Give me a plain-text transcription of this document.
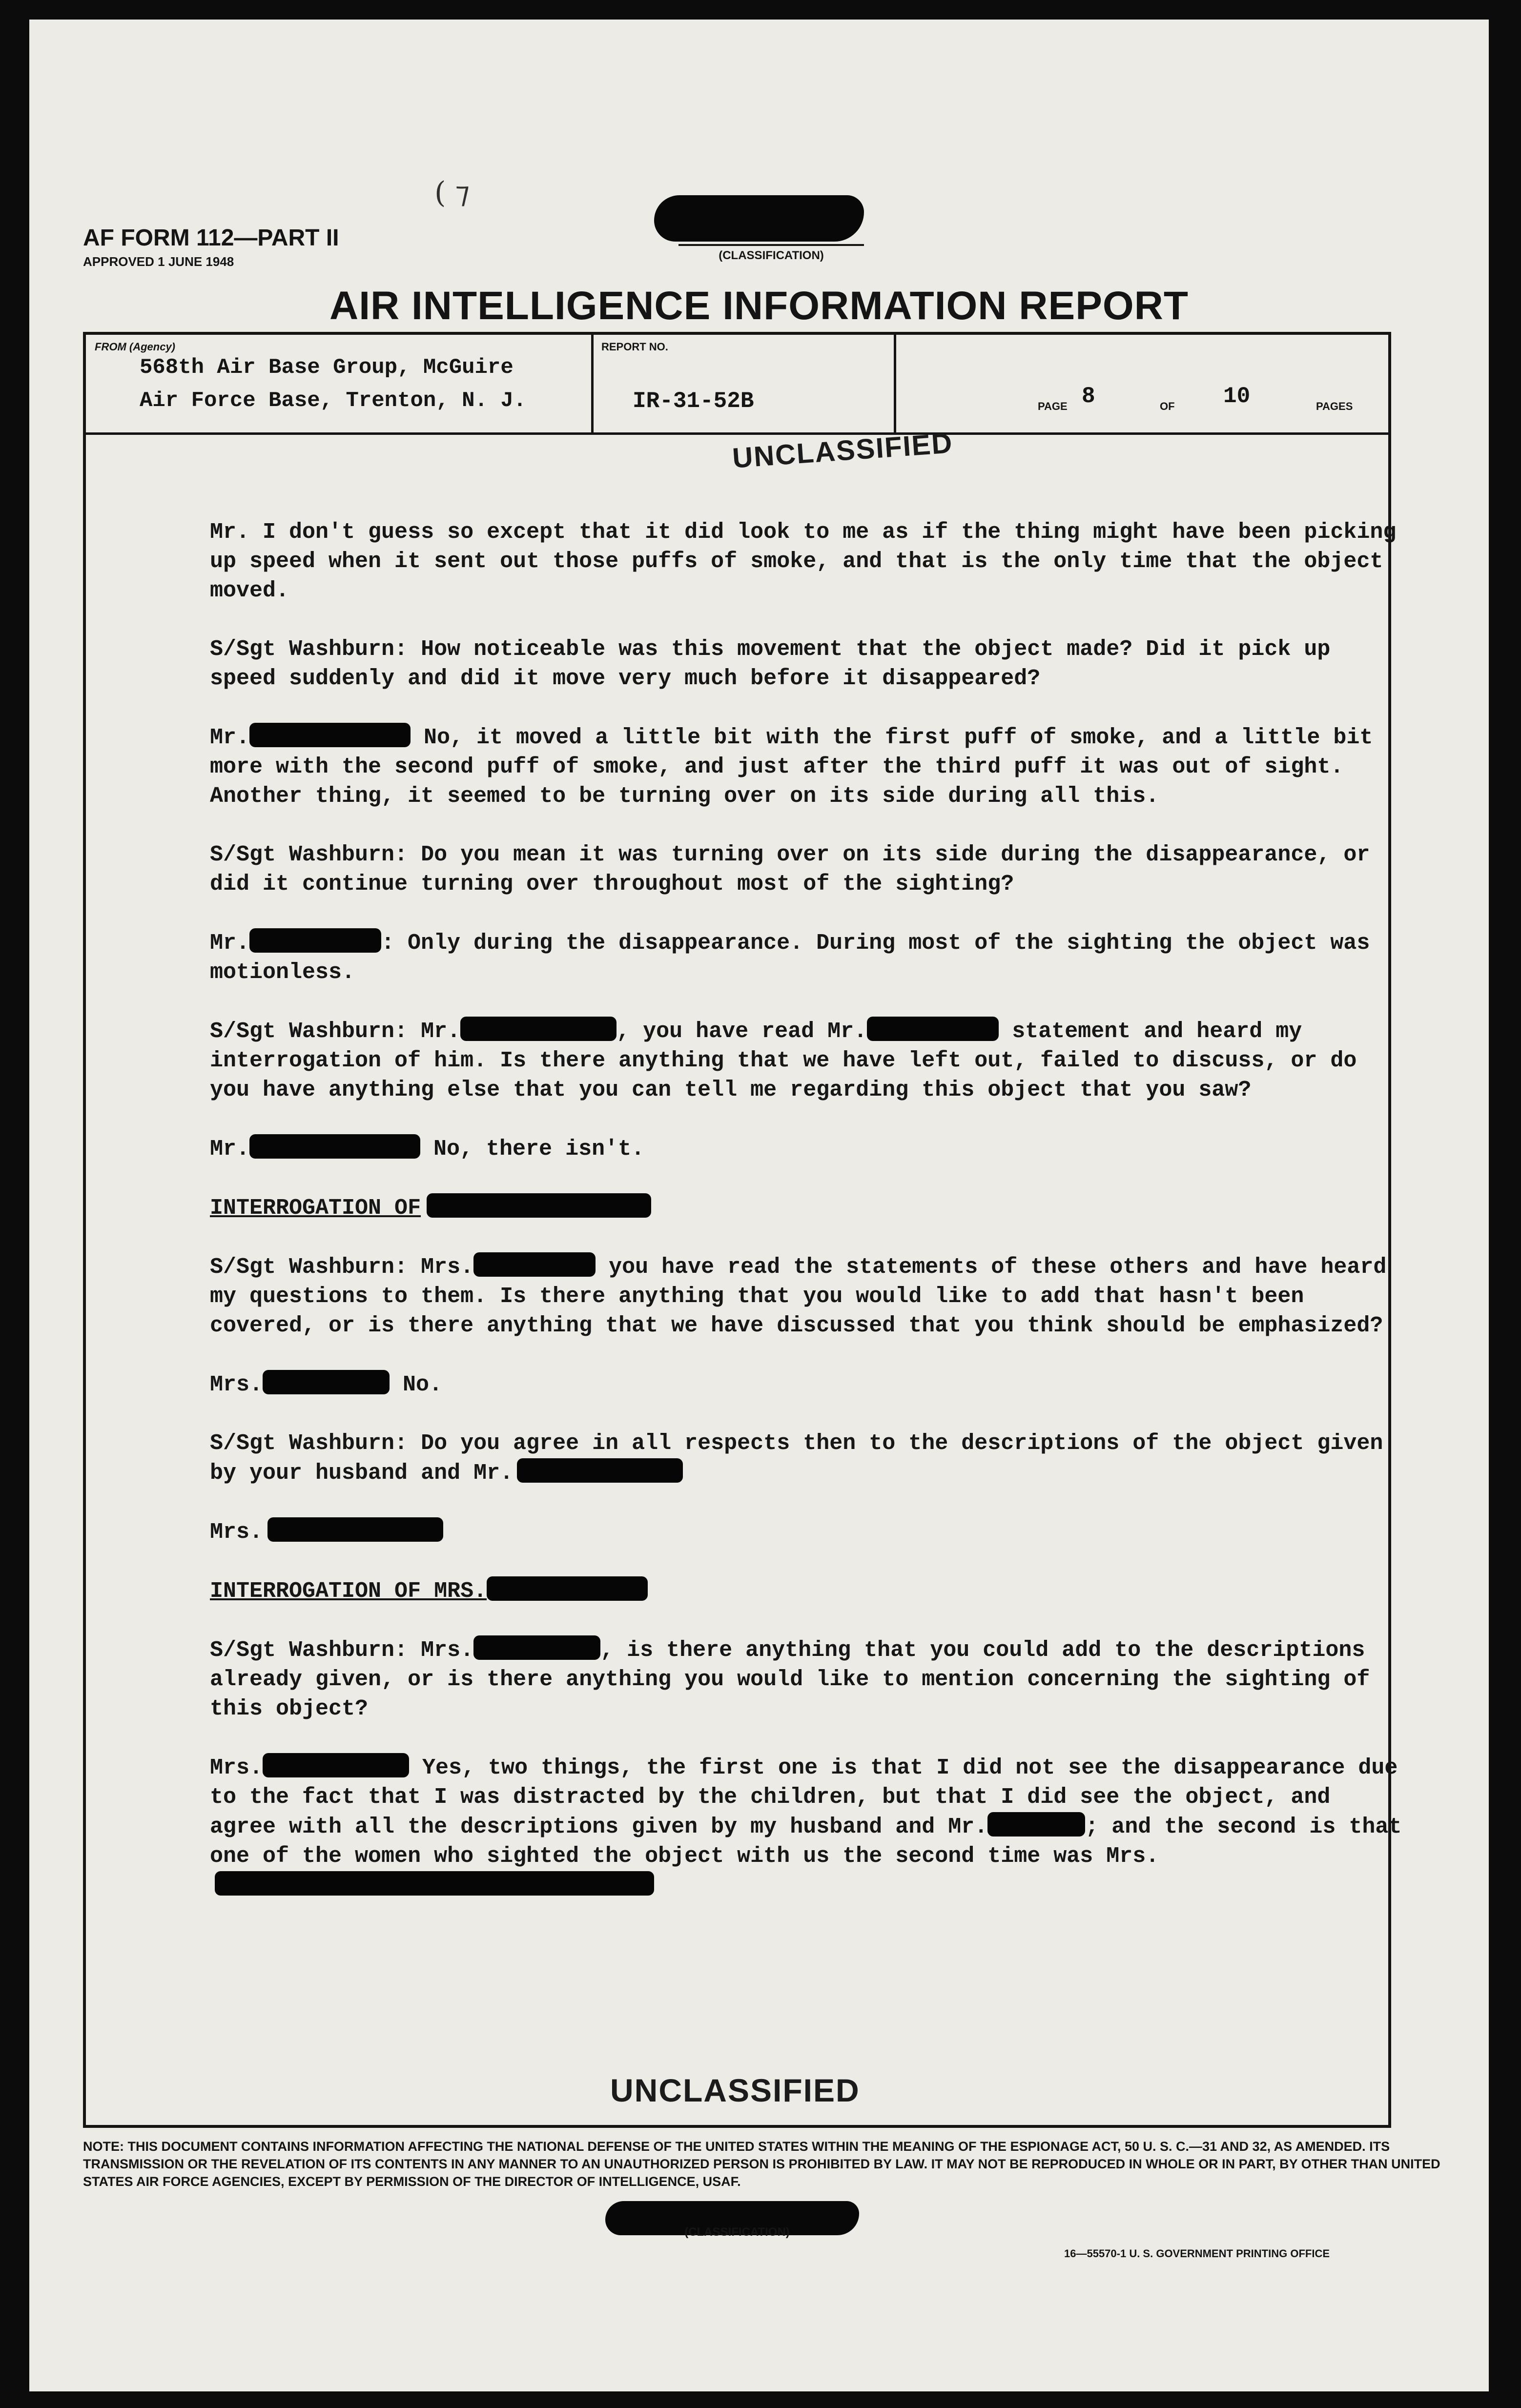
( ⁊
AF FORM 112—PART II
APPROVED 1 JUNE 1948	(CLASSIFICATION)
AIR INTELLIGENCE INFORMATION REPORT
FROM (Agency)
568th Air Base Group, McGuire
Air Force Base, Trenton, N. J.
REPORT NO.
IR-31-52B	PAGE 8	OF 10	PAGES
UNCLASSIFIED

Mr. I don't guess so except that it did look to me as if the thing might have been picking up speed when it sent out those puffs of smoke, and that is the only time that the object moved.

S/Sgt Washburn: How noticeable was this movement that the object made? Did it pick up speed suddenly and did it move very much before it disappeared?

Mr.	No, it moved a little bit with the first puff of smoke, and a little bit more with the second puff of smoke, and just after the third puff it was out of sight. Another thing, it seemed to be turning over on its side during all this.

S/Sgt Washburn: Do you mean it was turning over on its side during the disappearance, or did it continue turning over throughout most of the sighting?

Mr.	: Only during the disappearance. During most of the sighting the object was motionless.

S/Sgt Washburn: Mr.	, you have read Mr.	statement and heard my interrogation of him. Is there anything that we have left out, failed to discuss, or do you have anything else that you can tell me regarding this object that you saw?

Mr.	No, there isn't.

INTERROGATION OF

S/Sgt Washburn: Mrs.	you have read the statements of these others and have heard my questions to them. Is there anything that you would like to add that hasn't been covered, or is there anything that we have discussed that you think should be emphasized?

Mrs.	No.

S/Sgt Washburn: Do you agree in all respects then to the descriptions of the object given by your husband and Mr.

Mrs.

INTERROGATION OF MRS.

S/Sgt Washburn: Mrs.	, is there anything that you could add to the descriptions already given, or is there anything you would like to mention concerning the sighting of this object?

Mrs.	Yes, two things, the first one is that I did not see the disappearance due to the fact that I was distracted by the children, but that I did see the object, and agree with all the descriptions given by my husband and Mr.	; and the second is that one of the women who sighted the object with us the second time was Mrs.

UNCLASSIFIED
NOTE: THIS DOCUMENT CONTAINS INFORMATION AFFECTING THE NATIONAL DEFENSE OF THE UNITED STATES WITHIN THE MEANING OF THE ESPIONAGE ACT, 50 U. S. C.—31 AND 32, AS AMENDED. ITS TRANSMISSION OR THE REVELATION OF ITS CONTENTS IN ANY MANNER TO AN UNAUTHORIZED PERSON IS PROHIBITED BY LAW. IT MAY NOT BE REPRODUCED IN WHOLE OR IN PART, BY OTHER THAN UNITED STATES AIR FORCE AGENCIES, EXCEPT BY PERMISSION OF THE DIRECTOR OF INTELLIGENCE, USAF.
(CLASSIFICATION)
16—55570-1 U. S. GOVERNMENT PRINTING OFFICE
